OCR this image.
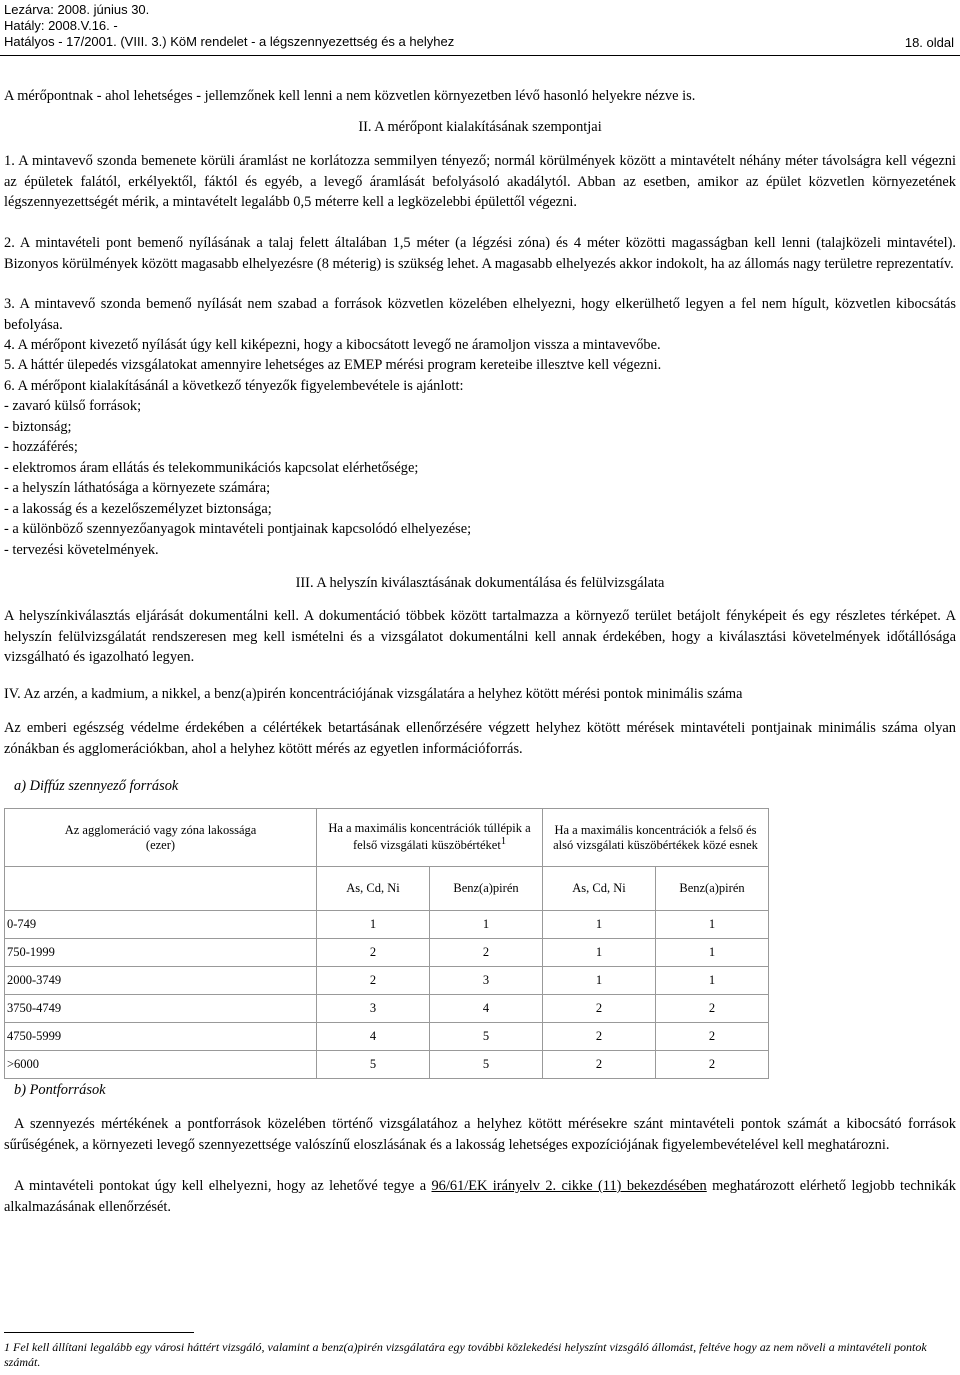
Lezárva: 2008. június 30.
Hatály: 2008.V.16. -
Hatályos - 17/2001. (VIII. 3.) KöM rendelet - a légszennyezettség és a helyhez	18. oldal
A mérőpontnak - ahol lehetséges - jellemzőnek kell lenni a nem közvetlen környezetben lévő hasonló helyekre nézve is.
II. A mérőpont kialakításának szempontjai
1. A mintavevő szonda bemenete körüli áramlást ne korlátozza semmilyen tényező; normál körülmények között a mintavételt néhány méter távolságra kell végezni az épületek falától, erkélyektől, fáktól és egyéb, a levegő áramlását befolyásoló akadálytól. Abban az esetben, amikor az épület közvetlen környezetének légszennyezettségét mérik, a mintavételt legalább 0,5 méterre kell a legközelebbi épülettől végezni.
2. A mintavételi pont bemenő nyílásának a talaj felett általában 1,5 méter (a légzési zóna) és 4 méter közötti magasságban kell lenni (talajközeli mintavétel). Bizonyos körülmények között magasabb elhelyezésre (8 méterig) is szükség lehet. A magasabb elhelyezés akkor indokolt, ha az állomás nagy területre reprezentatív.
3. A mintavevő szonda bemenő nyílását nem szabad a források közvetlen közelében elhelyezni, hogy elkerülhető legyen a fel nem hígult, közvetlen kibocsátás befolyása.
4. A mérőpont kivezető nyílását úgy kell kiképezni, hogy a kibocsátott levegő ne áramoljon vissza a mintavevőbe.
5. A háttér ülepedés vizsgálatokat amennyire lehetséges az EMEP mérési program kereteibe illesztve kell végezni.
6. A mérőpont kialakításánál a következő tényezők figyelembevétele is ajánlott:
- zavaró külső források;
- biztonság;
- hozzáférés;
- elektromos áram ellátás és telekommunikációs kapcsolat elérhetősége;
- a helyszín láthatósága a környezete számára;
- a lakosság és a kezelőszemélyzet biztonsága;
- a különböző szennyezőanyagok mintavételi pontjainak kapcsolódó elhelyezése;
- tervezési követelmények.
III. A helyszín kiválasztásának dokumentálása és felülvizsgálata
A helyszínkiválasztás eljárását dokumentálni kell. A dokumentáció többek között tartalmazza a környező terület betájolt fényképeit és egy részletes térképet. A helyszín felülvizsgálatát rendszeresen meg kell ismételni és a vizsgálatot dokumentálni kell annak érdekében, hogy a kiválasztási követelmények időtállósága vizsgálható és igazolható legyen.
IV. Az arzén, a kadmium, a nikkel, a benz(a)pirén koncentrációjának vizsgálatára a helyhez kötött mérési pontok minimális száma
Az emberi egészség védelme érdekében a célértékek betartásának ellenőrzésére végzett helyhez kötött mérések mintavételi pontjainak minimális száma olyan zónákban és agglomerációkban, ahol a helyhez kötött mérés az egyetlen információforrás.
a) Diffúz szennyező források
Az agglomeráció vagy zóna lakossága (ezer)	Ha a maximális koncentrációk túllépik a
felső vizsgálati küszöbértéket$^1$		Ha a maximális koncentrációk a felső és
alsó vizsgálati küszöbértékek közé esnek	

	As, Cd, Ni	Benz(a)pirén	As, Cd, Ni	Benz(a)pirén
0-749	1	1	1	1
750-1999	2	2	1	1
2000-3749	2	3	1	1
3750-4749	3	4	2	2
4750-5999	4	5	2	2
>6000	5	5	2	2
b) Pontforrások
A szennyezés mértékének a pontforrások közelében történő vizsgálatához a helyhez kötött mérésekre szánt mintavételi pontok számát a kibocsátó források sűrűségének, a környezeti levegő szennyezettsége valószínű eloszlásának és a lakosság lehetséges expozíciójának figyelembevételével kell meghatározni.
A mintavételi pontokat úgy kell elhelyezni, hogy az lehetővé tegye a 96/61/EK irányelv 2. cikke (11) bekezdésében meghatározott elérhető legjobb technikák alkalmazásának ellenőrzését.
1 Fel kell állítani legalább egy városi háttért vizsgáló, valamint a benz(a)pirén vizsgálatára egy további közlekedési helyszínt vizsgáló állomást, feltéve hogy az nem növeli a mintavételi pontok számát.
